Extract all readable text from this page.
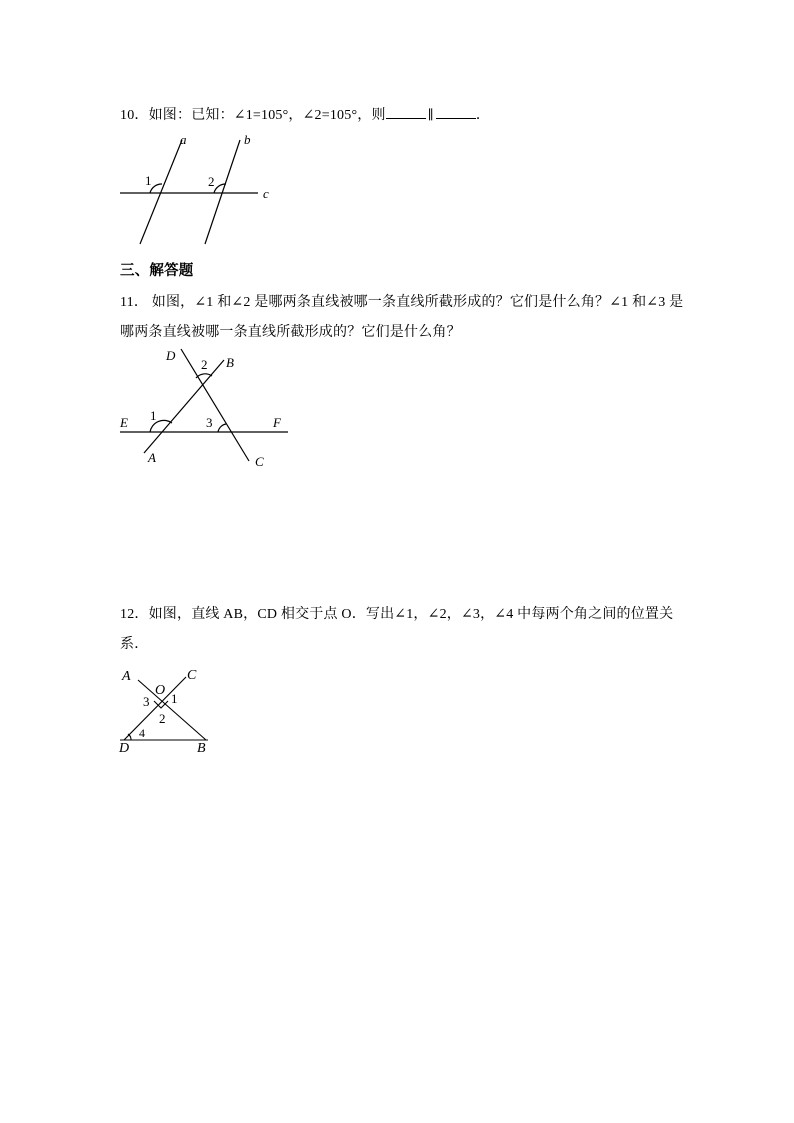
10．如图：已知：∠1=105°，∠2=105°，则	∥	．
a	b
c
1	2
三、解答题
11． 如图，∠1 和∠2 是哪两条直线被哪一条直线所截形成的？它们是什么角？∠1 和∠3 是
哪两条直线被哪一条直线所截形成的？它们是什么角？
D	B
2
E 1	3	F
A	C
12．如图，直线 AB，CD 相交于点 O．写出∠1，∠2，∠3，∠4 中每两个角之间的位置关
系．
A	C
O
3 1
2
4
D	B
